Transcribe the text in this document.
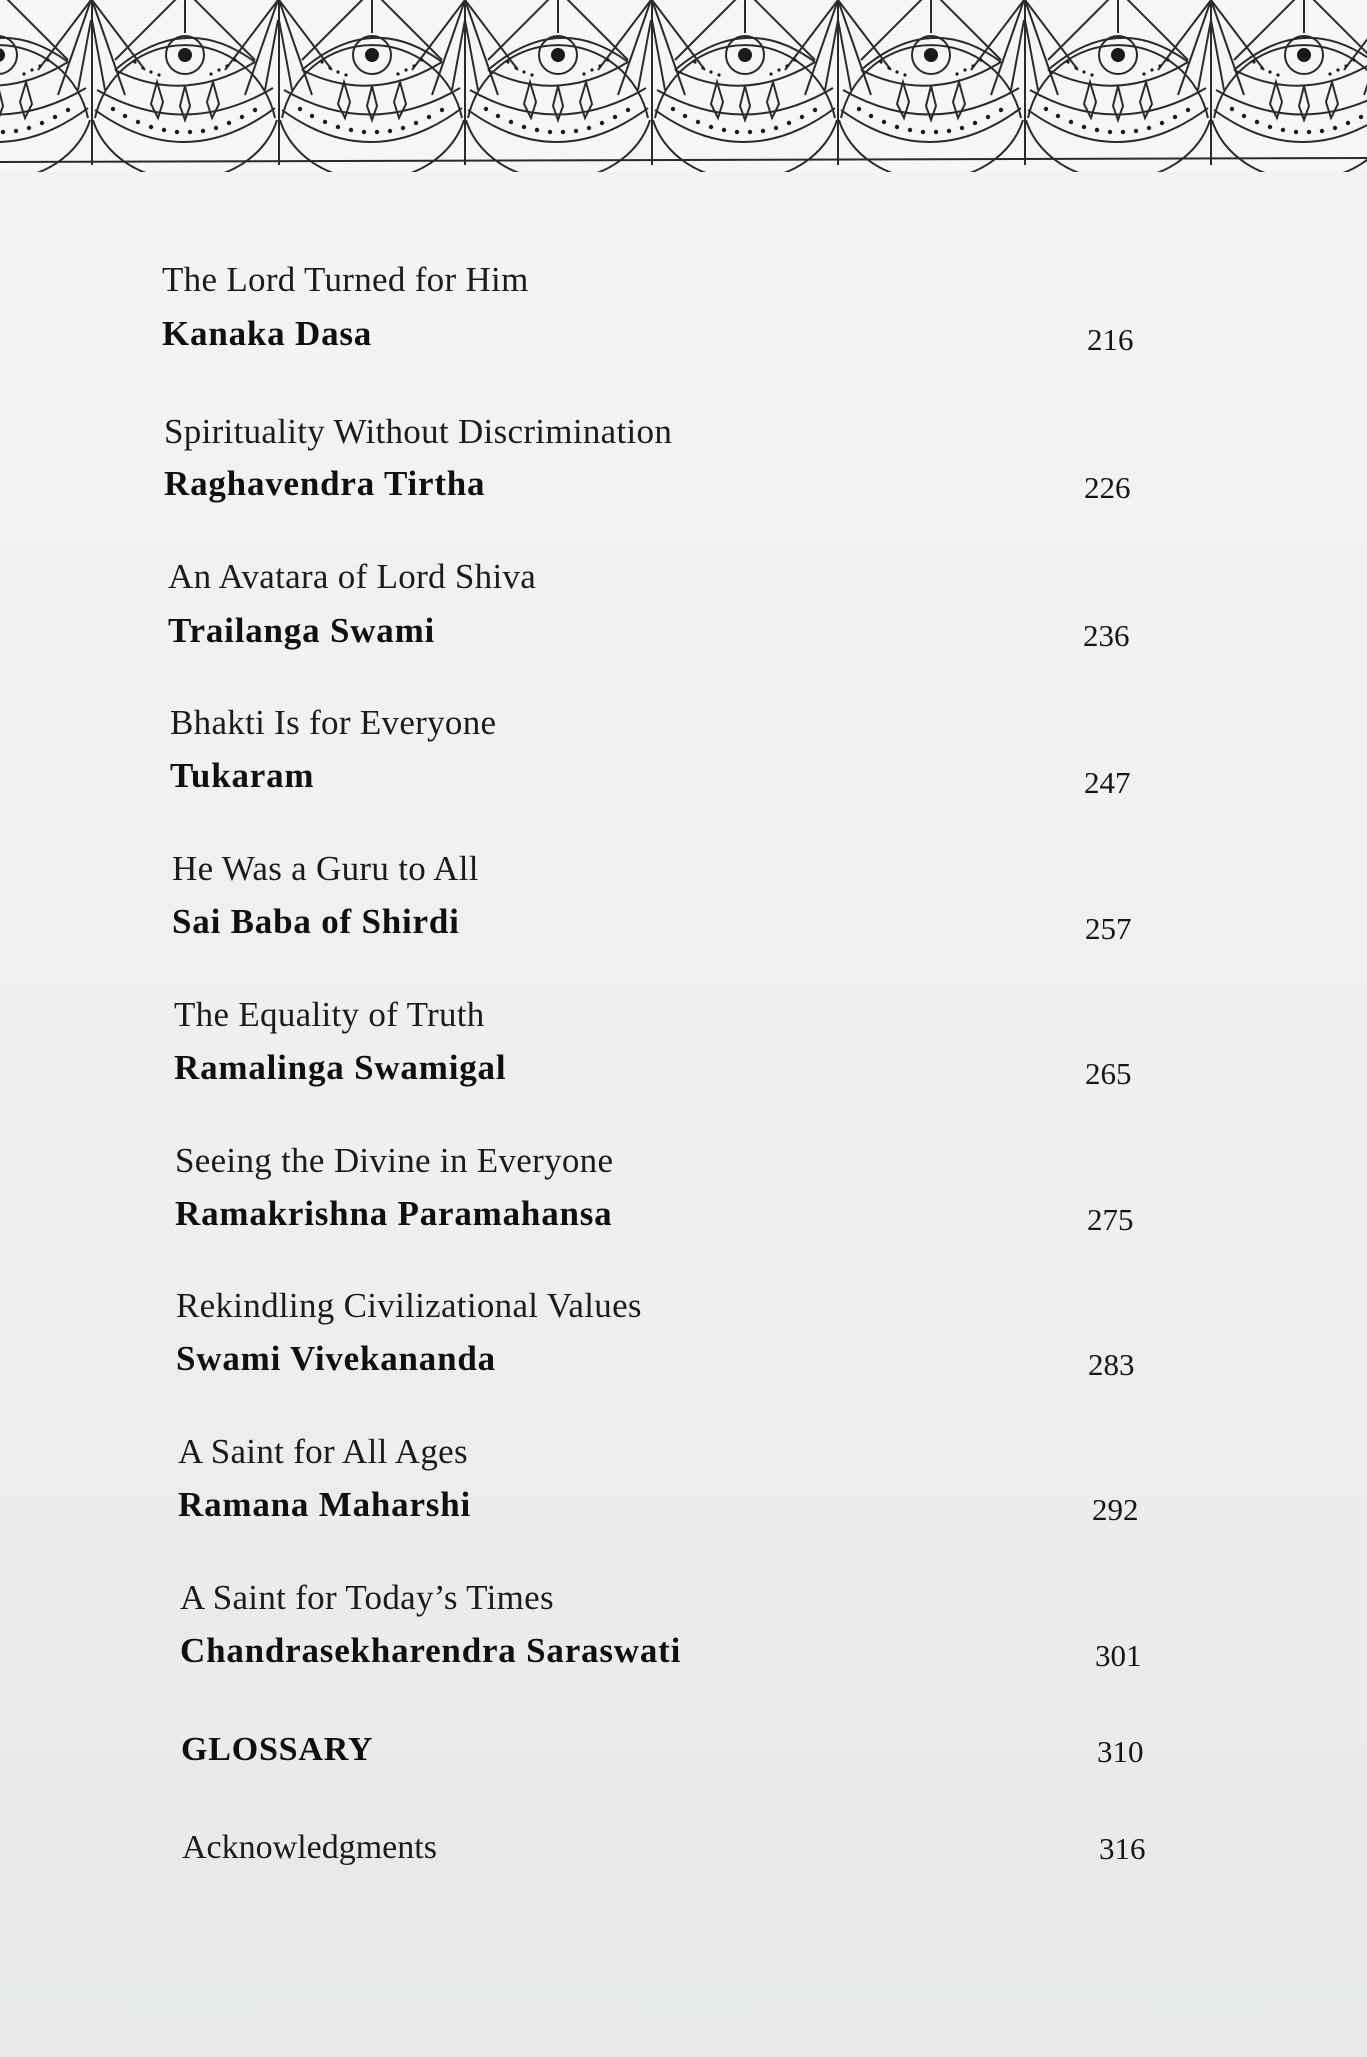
The Lord Turned for Him
Kanaka Dasa	216
Spirituality Without Discrimination
Raghavendra Tirtha	226
An Avatara of Lord Shiva
Trailanga Swami	236
Bhakti Is for Everyone
Tukaram	247
He Was a Guru to All
Sai Baba of Shirdi	257
The Equality of Truth
Ramalinga Swamigal	265
Seeing the Divine in Everyone
Ramakrishna Paramahansa	275
Rekindling Civilizational Values
Swami Vivekananda	283
A Saint for All Ages
Ramana Maharshi	292
A Saint for Today’s Times
Chandrasekharendra Saraswati	301
GLOSSARY	310
Acknowledgments	316
